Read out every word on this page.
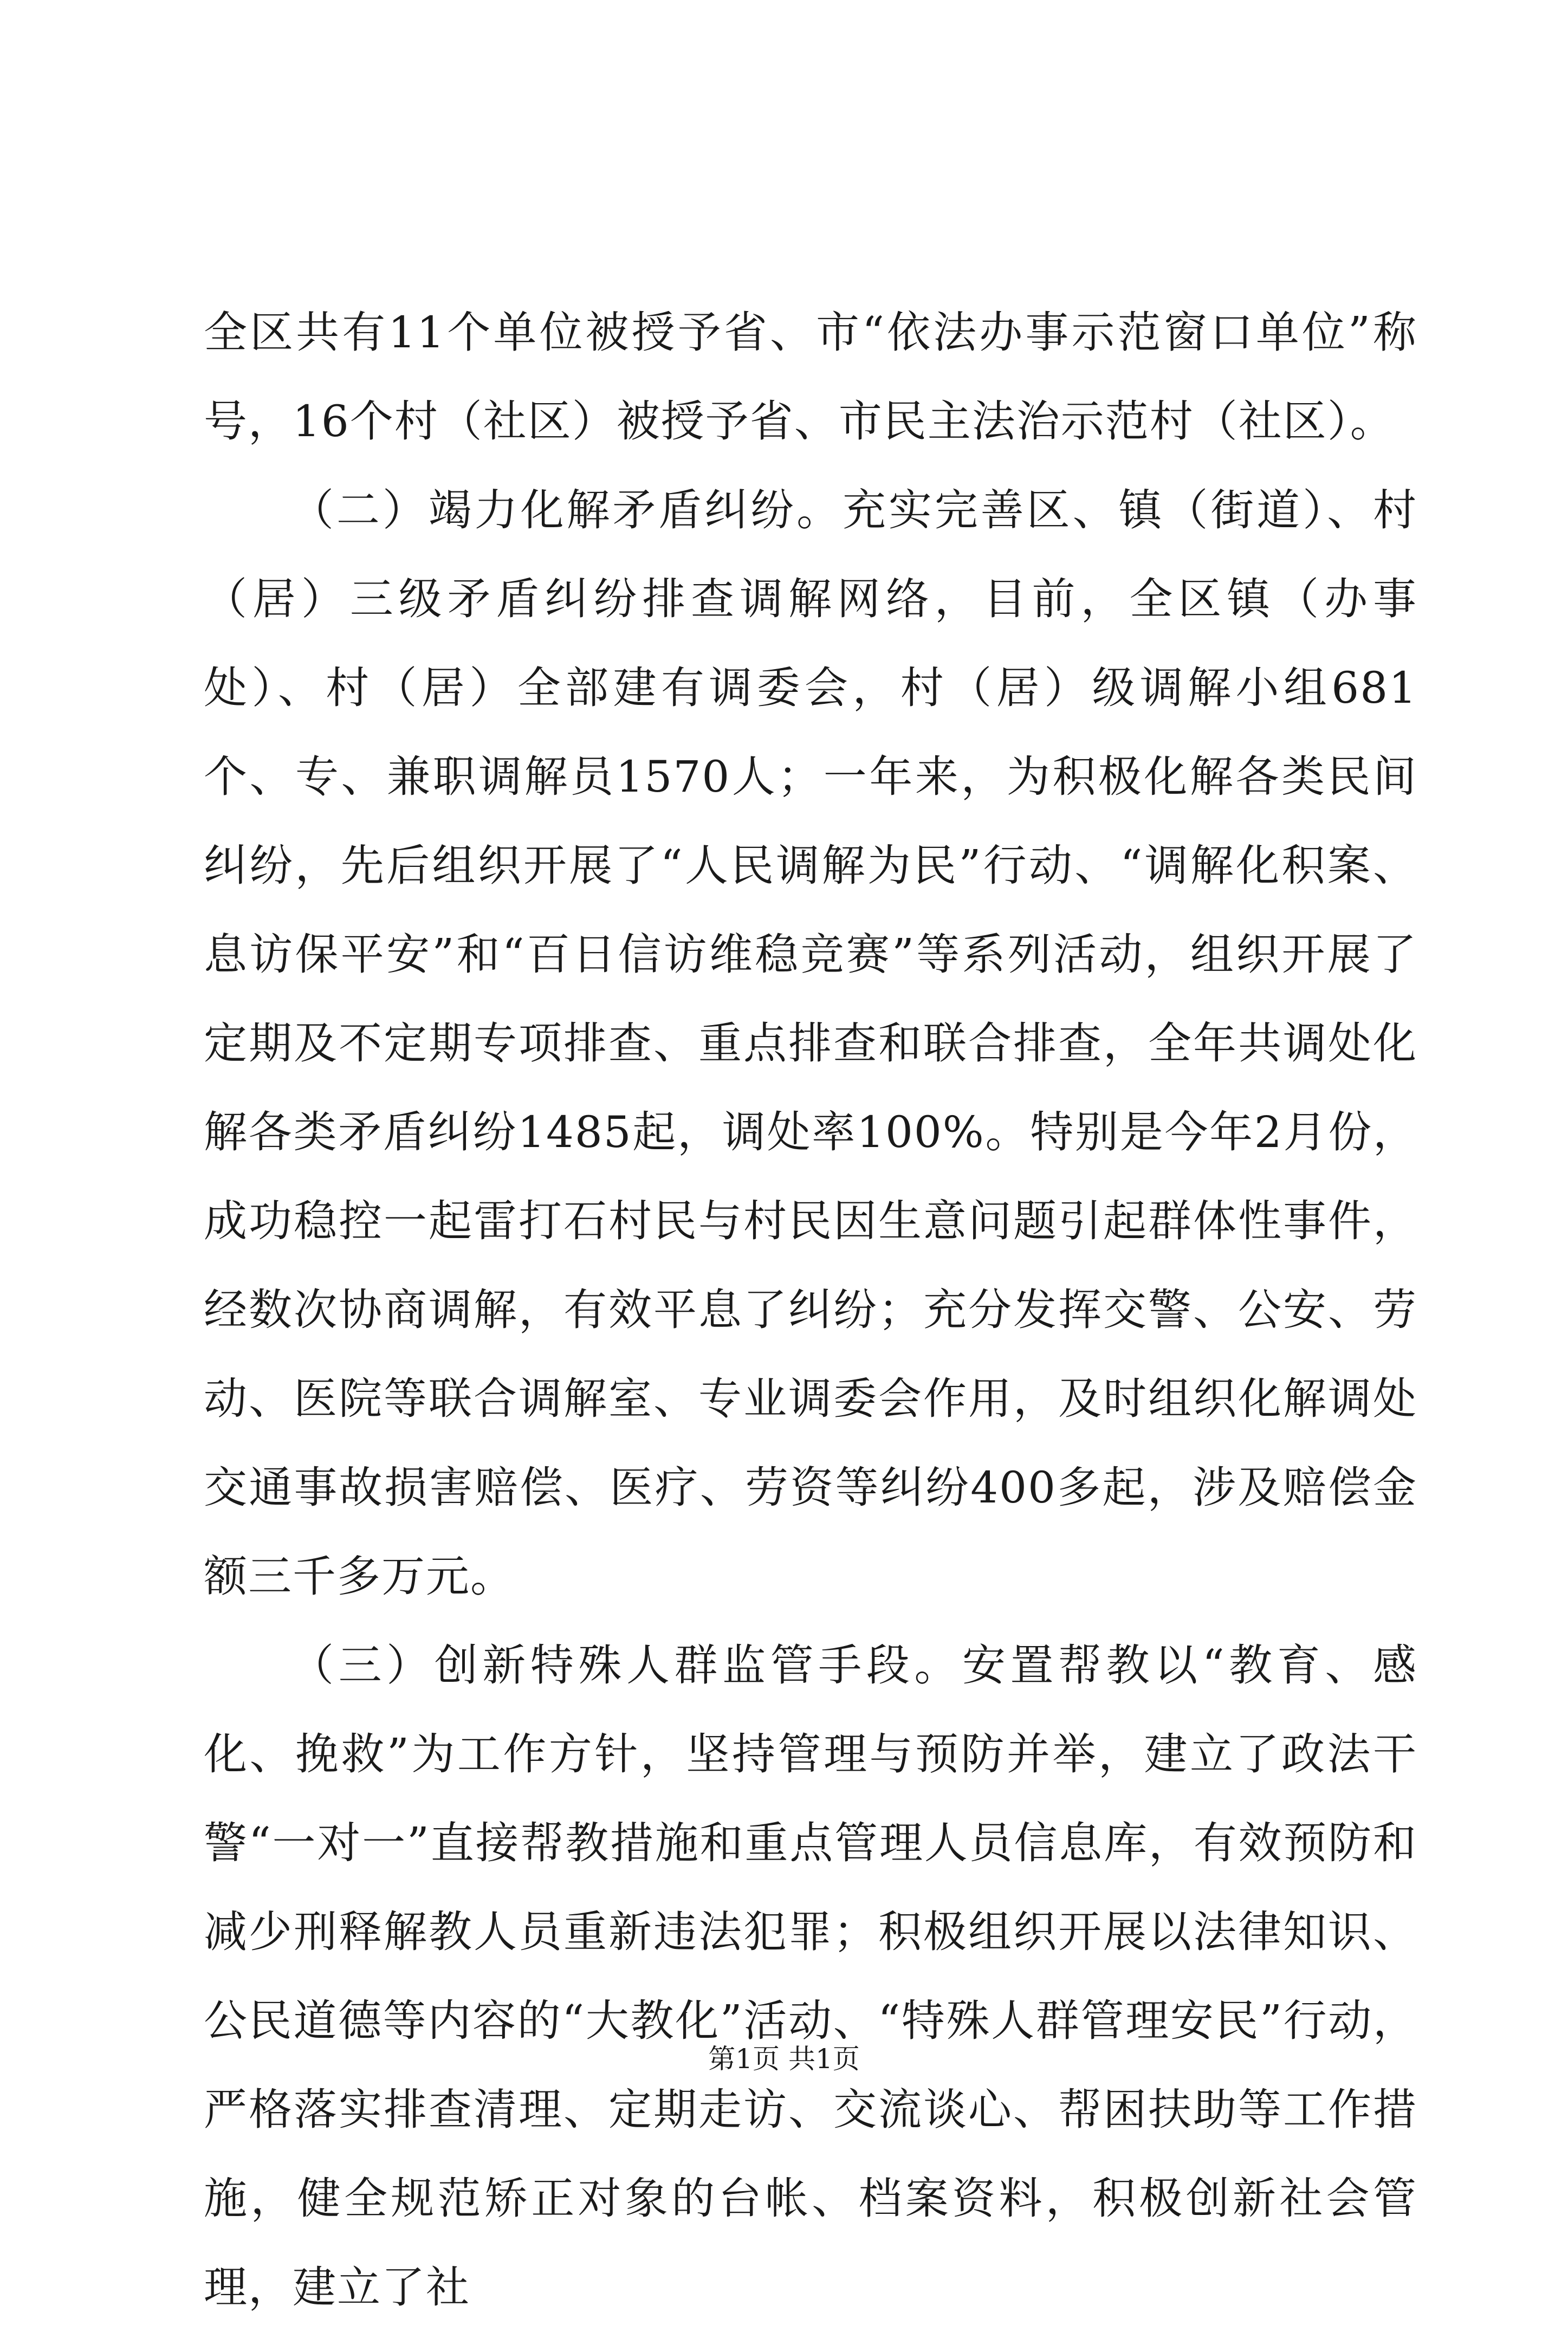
全区共有11个单位被授予省、市“依法办事示范窗口单位”称号，16个村（社区）被授予省、市民主法治示范村（社区）。

（二）竭力化解矛盾纠纷。充实完善区、镇（街道）、村（居）三级矛盾纠纷排查调解网络，目前，全区镇（办事处）、村（居）全部建有调委会，村（居）级调解小组681个、专、兼职调解员1570人；一年来，为积极化解各类民间纠纷，先后组织开展了“人民调解为民”行动、“调解化积案、息访保平安”和“百日信访维稳竞赛”等系列活动，组织开展了定期及不定期专项排查、重点排查和联合排查，全年共调处化解各类矛盾纠纷1485起，调处率100%。特别是今年2月份，成功稳控一起雷打石村民与村民因生意问题引起群体性事件，经数次协商调解，有效平息了纠纷；充分发挥交警、公安、劳动、医院等联合调解室、专业调委会作用，及时组织化解调处交通事故损害赔偿、医疗、劳资等纠纷400多起，涉及赔偿金额三千多万元。

（三）创新特殊人群监管手段。安置帮教以“教育、感化、挽救”为工作方针，坚持管理与预防并举，建立了政法干警“一对一”直接帮教措施和重点管理人员信息库，有效预防和减少刑释解教人员重新违法犯罪；积极组织开展以法律知识、公民道德等内容的“大教化”活动、“特殊人群管理安民”行动，严格落实排查清理、定期走访、交流谈心、帮困扶助等工作措施，健全规范矫正对象的台帐、档案资料，积极创新社会管理，建立了社

第1页 共1页
